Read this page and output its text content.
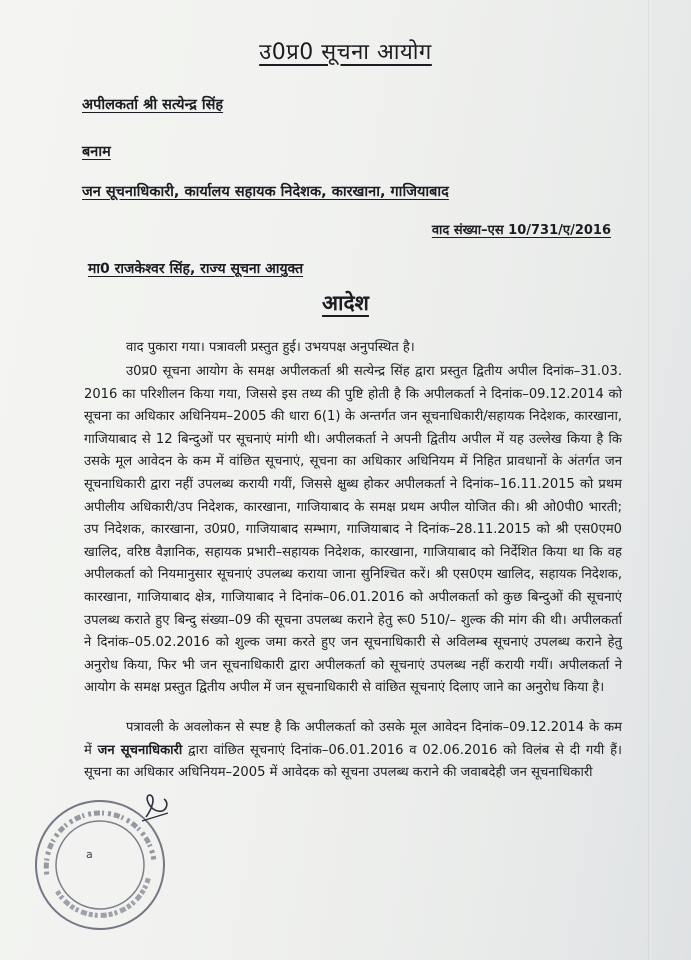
उ0प्र0 सूचना आयोग
अपीलकर्ता श्री सत्येन्द्र सिंह
बनाम
जन सूचनाधिकारी, कार्यालय सहायक निदेशक, कारखाना, गाजियाबाद
वाद संख्या–एस 10/731/ए/2016
मा0 राजकेश्वर सिंह, राज्य सूचना आयुक्त
आदेश
वाद पुकारा गया। पत्रावली प्रस्तुत हुई। उभयपक्ष अनुपस्थित है।
उ0प्र0 सूचना आयोग के समक्ष अपीलकर्ता श्री सत्येन्द्र सिंह द्वारा प्रस्तुत द्वितीय अपील दिनांक–31.03. 2016 का परिशीलन किया गया, जिससे इस तथ्य की पुष्टि होती है कि अपीलकर्ता ने दिनांक–09.12.2014 को सूचना का अधिकार अधिनियम–2005 की धारा 6(1) के अन्तर्गत जन सूचनाधिकारी/सहायक निदेशक, कारखाना, गाजियाबाद से 12 बिन्दुओं पर सूचनाएं मांगी थी। अपीलकर्ता ने अपनी द्वितीय अपील में यह उल्लेख किया है कि उसके मूल आवेदन के कम में वांछित सूचनाएं, सूचना का अधिकार अधिनियम में निहित प्रावधानों के अंतर्गत जन सूचनाधिकारी द्वारा नहीं उपलब्ध करायी गयीं, जिससे क्षुब्ध होकर अपीलकर्ता ने दिनांक–16.11.2015 को प्रथम अपीलीय अधिकारी/उप निदेशक, कारखाना, गाजियाबाद के समक्ष प्रथम अपील योजित की। श्री ओ0पी0 भारती; उप निदेशक, कारखाना, उ0प्र0, गाजियाबाद सम्भाग, गाजियाबाद ने दिनांक–28.11.2015 को श्री एस0एम0 खालिद, वरिष्ठ वैज्ञानिक, सहायक प्रभारी–सहायक निदेशक, कारखाना, गाजियाबाद को निर्देशित किया था कि वह अपीलकर्ता को नियमानुसार सूचनाएं उपलब्ध कराया जाना सुनिश्चित करें। श्री एस0एम खालिद, सहायक निदेशक, कारखाना, गाजियाबाद क्षेत्र, गाजियाबाद ने दिनांक–06.01.2016 को अपीलकर्ता को कुछ बिन्दुओं की सूचनाएं उपलब्ध कराते हुए बिन्दु संख्या–09 की सूचना उपलब्ध कराने हेतु रू0 510/– शुल्क की मांग की थी। अपीलकर्ता ने दिनांक–05.02.2016 को शुल्क जमा करते हुए जन सूचनाधिकारी से अविलम्ब सूचनाएं उपलब्ध कराने हेतु अनुरोध किया, फिर भी जन सूचनाधिकारी द्वारा अपीलकर्ता को सूचनाएं उपलब्ध नहीं करायी गयीं। अपीलकर्ता ने आयोग के समक्ष प्रस्तुत द्वितीय अपील में जन सूचनाधिकारी से वांछित सूचनाएं दिलाए जाने का अनुरोध किया है।
पत्रावली के अवलोकन से स्पष्ट है कि अपीलकर्ता को उसके मूल आवेदन दिनांक–09.12.2014 के कम में जन सूचनाधिकारी द्वारा वांछित सूचनाएं दिनांक–06.01.2016 व 02.06.2016 को विलंब से दी गयी हैं। सूचना का अधिकार अधिनियम–2005 में आवेदक को सूचना उपलब्ध कराने की जवाबदेही जन सूचनाधिकारी
a
